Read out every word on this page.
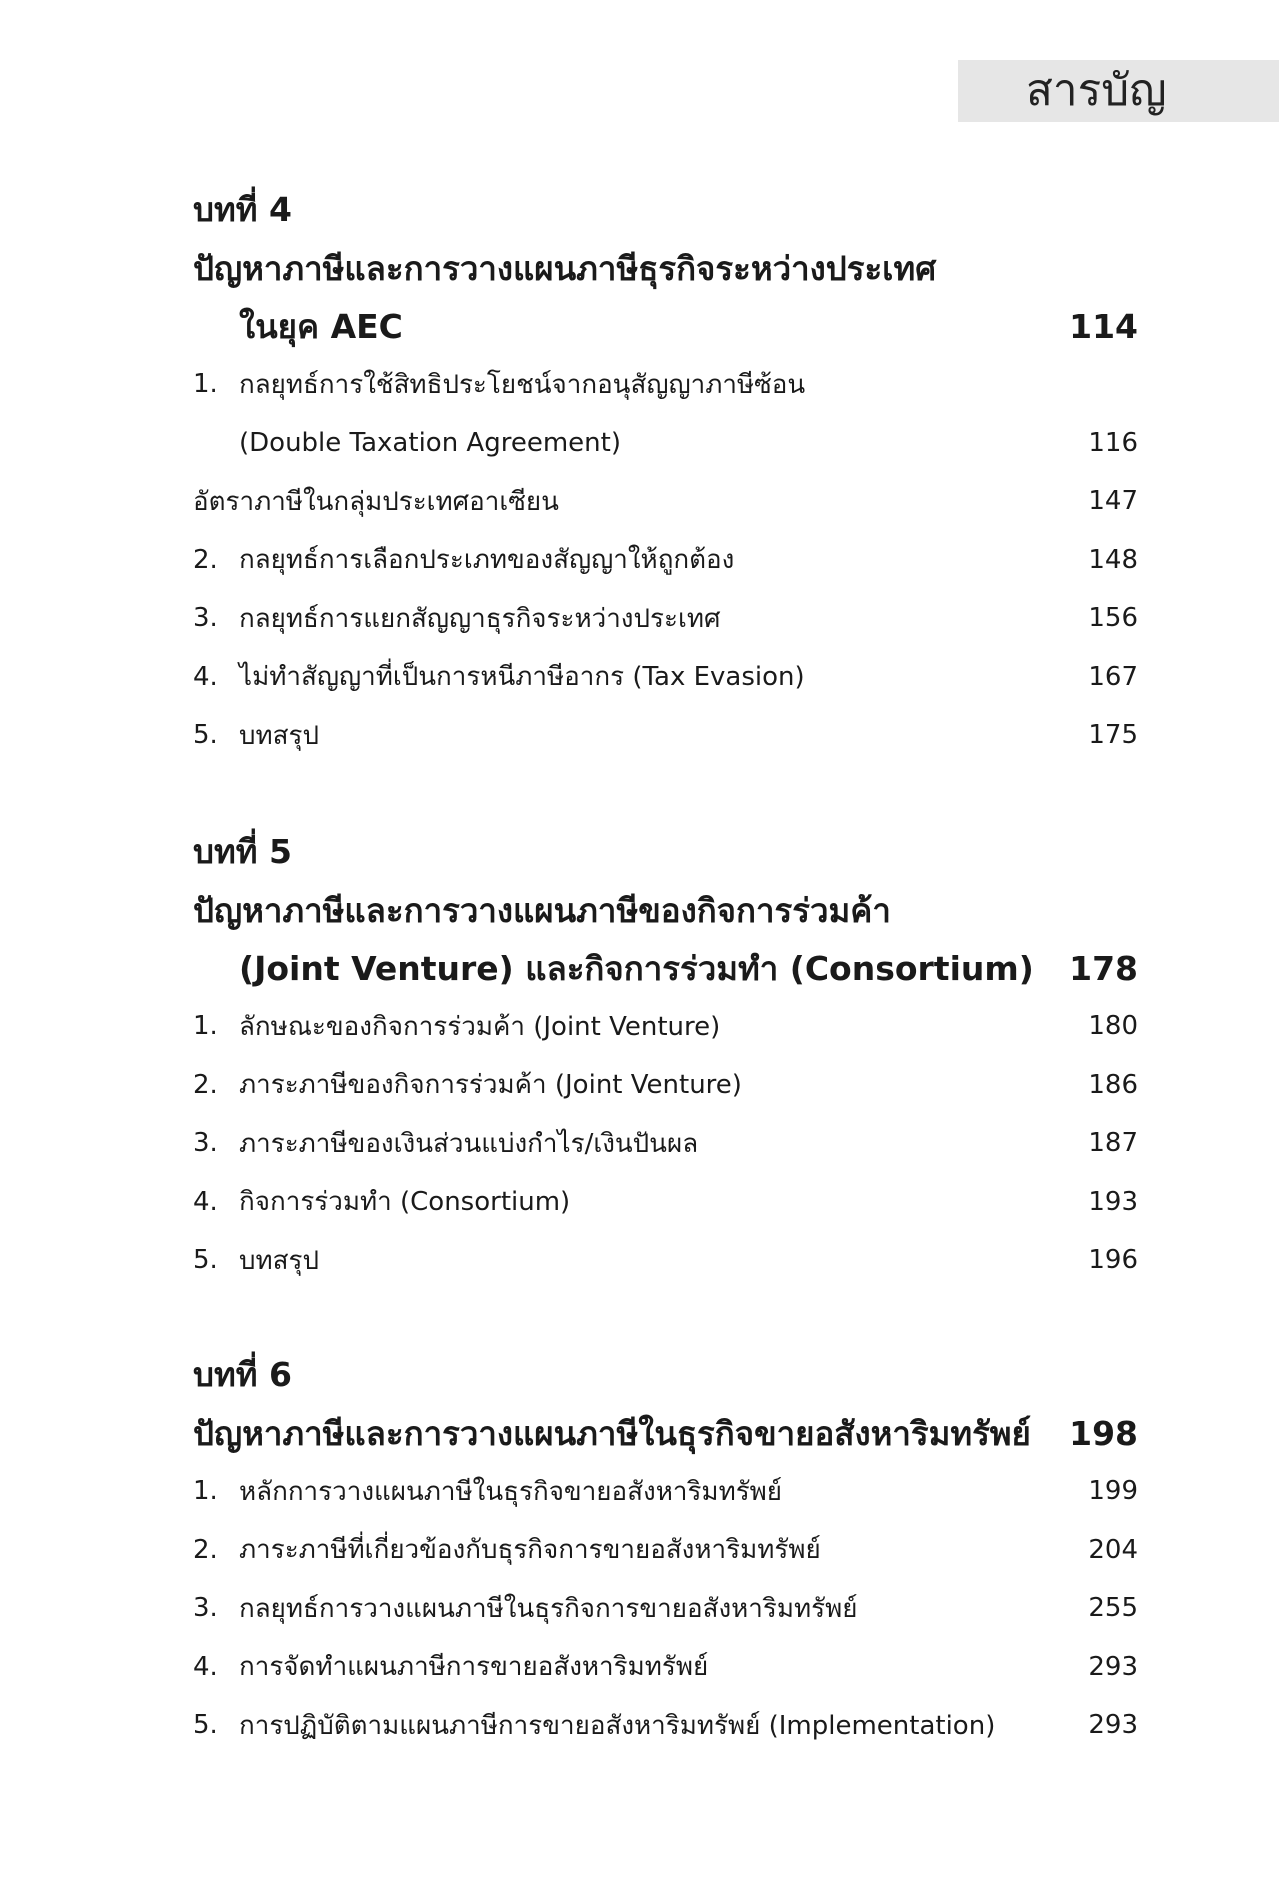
สารบัญ
บทที่ 4
ปัญหาภาษีและการวางแผนภาษีธุรกิจระหว่างประเทศ
ในยุค AEC	114
1. กลยุทธ์การใช้สิทธิประโยชน์จากอนุสัญญาภาษีซ้อน
(Double Taxation Agreement)	116
อัตราภาษีในกลุ่มประเทศอาเซียน	147
2. กลยุทธ์การเลือกประเภทของสัญญาให้ถูกต้อง	148
3. กลยุทธ์การแยกสัญญาธุรกิจระหว่างประเทศ	156
4. ไม่ทำสัญญาที่เป็นการหนีภาษีอากร (Tax Evasion)	167
5. บทสรุป	175
บทที่ 5
ปัญหาภาษีและการวางแผนภาษีของกิจการร่วมค้า
(Joint Venture) และกิจการร่วมทำ (Consortium) 178
1. ลักษณะของกิจการร่วมค้า (Joint Venture)	180
2. ภาระภาษีของกิจการร่วมค้า (Joint Venture)	186
3. ภาระภาษีของเงินส่วนแบ่งกำไร/เงินปันผล	187
4. กิจการร่วมทำ (Consortium)	193
5. บทสรุป	196
บทที่ 6
ปัญหาภาษีและการวางแผนภาษีในธุรกิจขายอสังหาริมทรัพย์ 198
1. หลักการวางแผนภาษีในธุรกิจขายอสังหาริมทรัพย์	199
2. ภาระภาษีที่เกี่ยวข้องกับธุรกิจการขายอสังหาริมทรัพย์	204
3. กลยุทธ์การวางแผนภาษีในธุรกิจการขายอสังหาริมทรัพย์	255
4. การจัดทำแผนภาษีการขายอสังหาริมทรัพย์	293
5. การปฏิบัติตามแผนภาษีการขายอสังหาริมทรัพย์ (Implementation)	293
